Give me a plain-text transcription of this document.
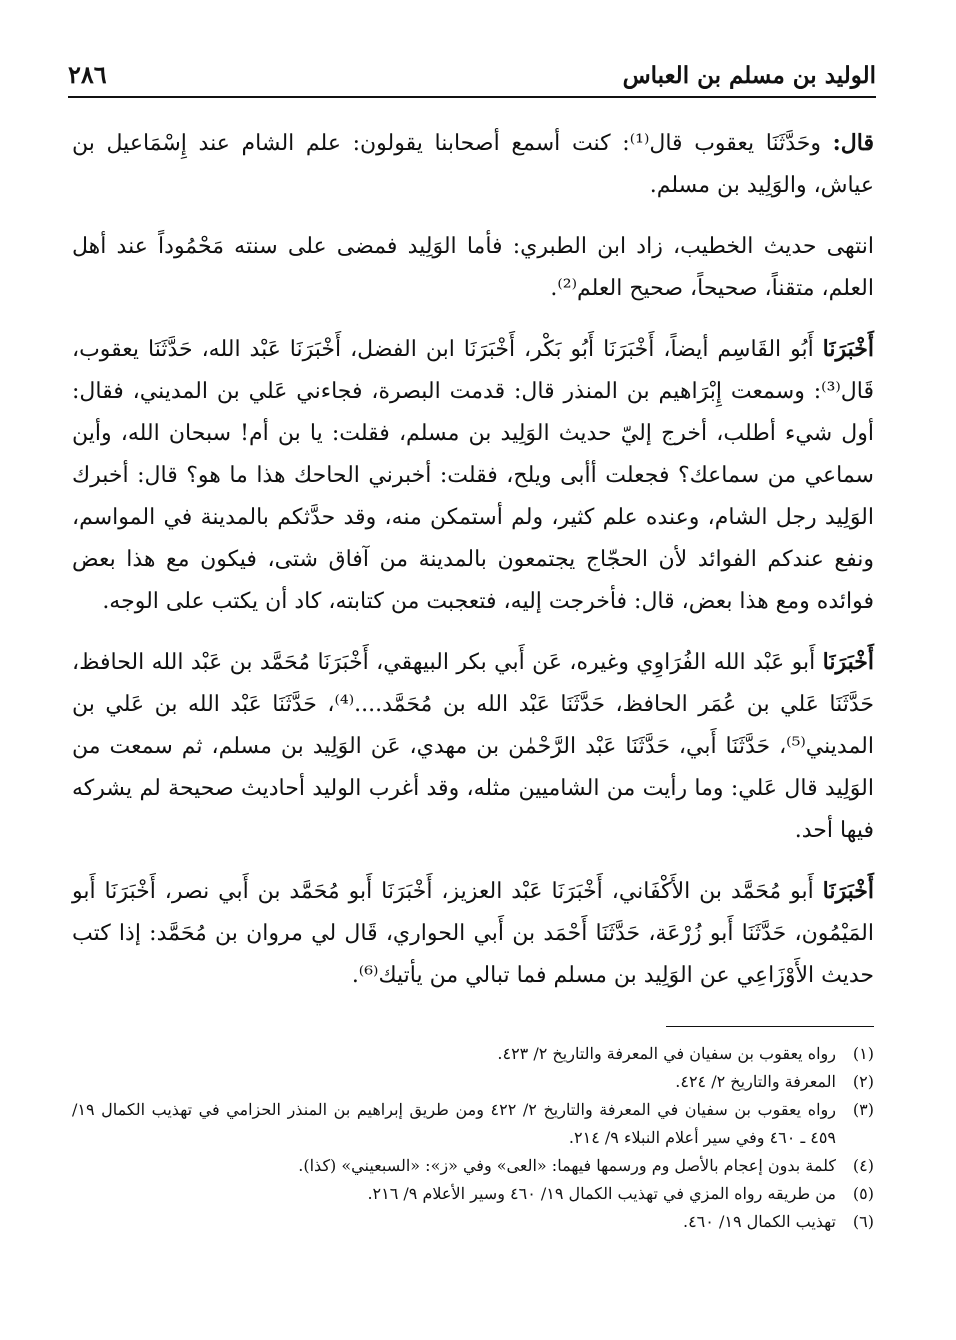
الوليد بن مسلم بن العباس
٢٨٦

قال: وحَدَّثَنَا يعقوب قال⁽¹⁾: كنت أسمع أصحابنا يقولون: علم الشام عند إِسْمَاعيل بن عياش، والوَلِيد بن مسلم.

انتهى حديث الخطيب، زاد ابن الطبري: فأما الوَلِيد فمضى على سنته مَحْمُوداً عند أهل العلم، متقناً، صحيحاً، صحيح العلم⁽²⁾.

أَخْبَرَنَا أَبُو القَاسِم أيضاً، أَخْبَرَنَا أَبُو بَكْر، أَخْبَرَنَا ابن الفضل، أَخْبَرَنَا عَبْد الله، حَدَّثَنَا يعقوب، قَال⁽³⁾: وسمعت إِبْرَاهيم بن المنذر قال: قدمت البصرة، فجاءني عَلي بن المديني، فقال: أول شيء أطلب، أخرج إليّ حديث الوَلِيد بن مسلم، فقلت: يا بن أم! سبحان الله، وأين سماعي من سماعك؟ فجعلت أأبى ويلح، فقلت: أخبرني الحاحك هذا ما هو؟ قال: أخبرك الوَلِيد رجل الشام، وعنده علم كثير، ولم أستمكن منه، وقد حدَّثكم بالمدينة في المواسم، ونفع عندكم الفوائد لأن الحجّاج يجتمعون بالمدينة من آفاق شتى، فيكون مع هذا بعض فوائده ومع هذا بعض، قال: فأخرجت إليه، فتعجبت من كتابته، كاد أن يكتب على الوجه.

أَخْبَرَنَا أَبو عَبْد الله الفُرَاوِي وغيره، عَن أَبي بكر البيهقي، أَخْبَرَنَا مُحَمَّد بن عَبْد الله الحافظ، حَدَّثَنَا عَلي بن عُمَر الحافظ، حَدَّثَنَا عَبْد الله بن مُحَمَّد....⁽⁴⁾، حَدَّثَنَا عَبْد الله بن عَلي بن المديني⁽⁵⁾، حَدَّثَنَا أَبي، حَدَّثَنَا عَبْد الرَّحْمٰن بن مهدي، عَن الوَلِيد بن مسلم، ثم سمعت من الوَلِيد قال عَلي: وما رأيت من الشاميين مثله، وقد أغرب الوليد أحاديث صحيحة لم يشركه فيها أحد.

أَخْبَرَنَا أَبو مُحَمَّد بن الأَكْفَاني، أَخْبَرَنَا عَبْد العزيز، أَخْبَرَنَا أَبو مُحَمَّد بن أَبي نصر، أَخْبَرَنَا أَبو المَيْمُون، حَدَّثَنَا أَبو زُرْعَة، حَدَّثَنَا أَحْمَد بن أَبي الحواري، قَال لي مروان بن مُحَمَّد: إذا كتب حديث الأَوْزَاعِي عن الوَلِيد بن مسلم فما تبالي من يأتيك⁽⁶⁾.

(١)
رواه يعقوب بن سفيان في المعرفة والتاريخ ٢/ ٤٢٣.
(٢)
المعرفة والتاريخ ٢/ ٤٢٤.
(٣)
رواه يعقوب بن سفيان في المعرفة والتاريخ ٢/ ٤٢٢ ومن طريق إبراهيم بن المنذر الحزامي في تهذيب الكمال ١٩/ ٤٥٩ ـ ٤٦٠ وفي سير أعلام النبلاء ٩/ ٢١٤.
(٤)
كلمة بدون إعجام بالأصل وم ورسمها فيهما: «العى» وفي «ز»: «السبعيني» (كذا).
(٥)
من طريقه رواه المزي في تهذيب الكمال ١٩/ ٤٦٠ وسير الأعلام ٩/ ٢١٦.
(٦)
تهذيب الكمال ١٩/ ٤٦٠.
